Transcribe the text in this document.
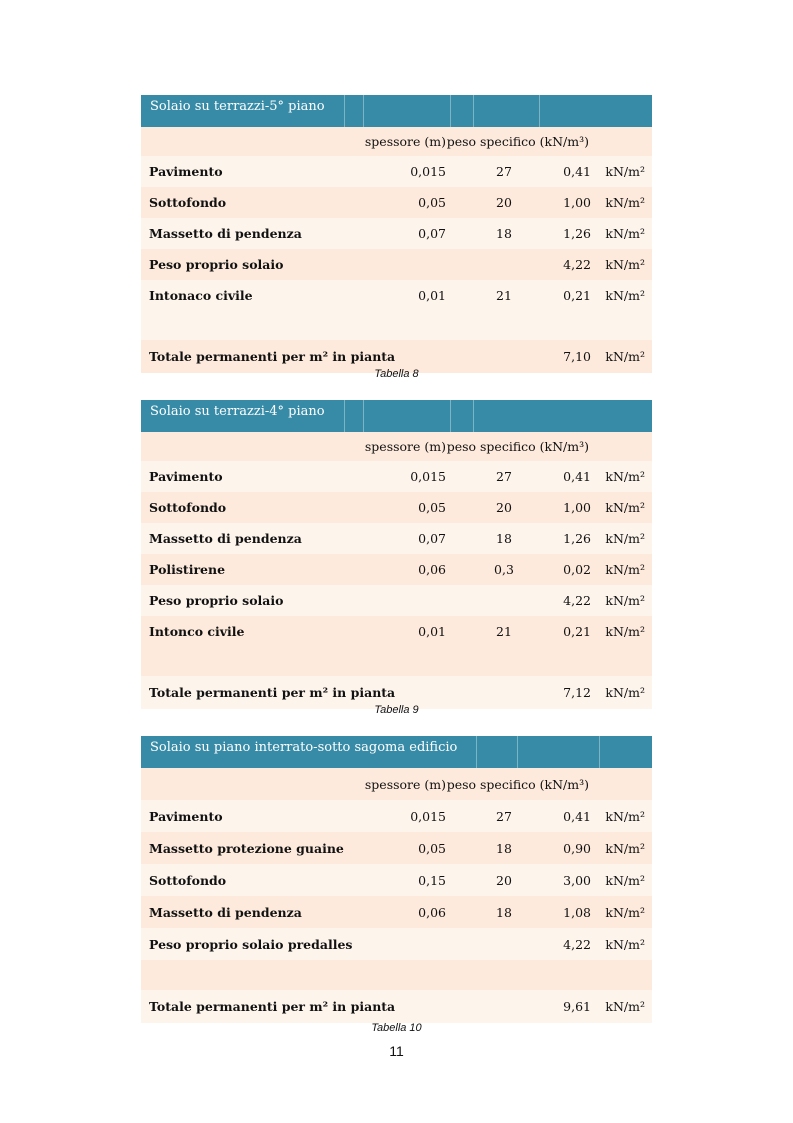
Solaio su terrazzi-5° piano
spessore (m) peso specifico (kN/m³)
Pavimento	0,015	27	0,41 kN/m²
Sottofondo	0,05	20	1,00 kN/m²
Massetto di pendenza	0,07	18	1,26 kN/m²
Peso proprio solaio	4,22 kN/m²
Intonaco civile	0,01	21	0,21 kN/m²
Totale permanenti per m² in pianta	7,10 kN/m²
Tabella 8
Solaio su terrazzi-4° piano
spessore (m) peso specifico (kN/m³)
Pavimento	0,015	27	0,41 kN/m²
Sottofondo	0,05	20	1,00 kN/m²
Massetto di pendenza	0,07	18	1,26 kN/m²
Polistirene	0,06	0,3	0,02 kN/m²
Peso proprio solaio	4,22 kN/m²
Intonco civile	0,01	21	0,21 kN/m²
Totale permanenti per m² in pianta	7,12 kN/m²
Tabella 9
Solaio su piano interrato-sotto sagoma edificio
spessore (m) peso specifico (kN/m³)
Pavimento	0,015	27	0,41 kN/m²
Massetto protezione guaine	0,05	18	0,90 kN/m²
Sottofondo	0,15	20	3,00 kN/m²
Massetto di pendenza	0,06	18	1,08 kN/m²
Peso proprio solaio predalles	4,22 kN/m²
Totale permanenti per m² in pianta	9,61 kN/m²
Tabella 10
11
